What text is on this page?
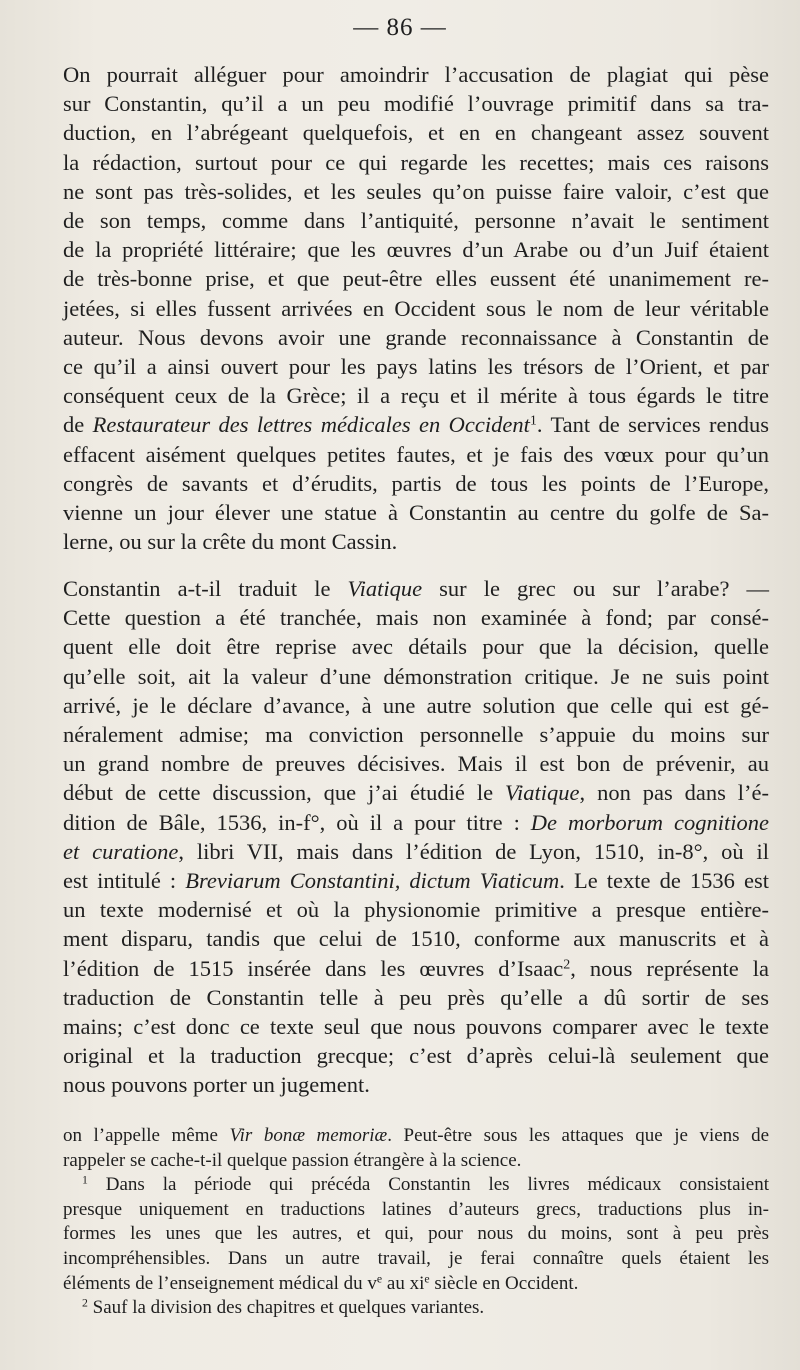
— 86 —

On pourrait alléguer pour amoindrir l’accusation de plagiat qui pèse
sur Constantin, qu’il a un peu modifié l’ouvrage primitif dans sa tra-
duction, en l’abrégeant quelquefois, et en en changeant assez souvent
la rédaction, surtout pour ce qui regarde les recettes; mais ces raisons
ne sont pas très-solides, et les seules qu’on puisse faire valoir, c’est que
de son temps, comme dans l’antiquité, personne n’avait le sentiment
de la propriété littéraire; que les œuvres d’un Arabe ou d’un Juif étaient
de très-bonne prise, et que peut-être elles eussent été unanimement re-
jetées, si elles fussent arrivées en Occident sous le nom de leur véritable
auteur. Nous devons avoir une grande reconnaissance à Constantin de
ce qu’il a ainsi ouvert pour les pays latins les trésors de l’Orient, et par
conséquent ceux de la Grèce; il a reçu et il mérite à tous égards le titre
de Restaurateur des lettres médicales en Occident$^1$. Tant de services rendus
effacent aisément quelques petites fautes, et je fais des vœux pour qu’un
congrès de savants et d’érudits, partis de tous les points de l’Europe,
vienne un jour élever une statue à Constantin au centre du golfe de Sa-
lerne, ou sur la crête du mont Cassin.

Constantin a-t-il traduit le Viatique sur le grec ou sur l’arabe? —
Cette question a été tranchée, mais non examinée à fond; par consé-
quent elle doit être reprise avec détails pour que la décision, quelle
qu’elle soit, ait la valeur d’une démonstration critique. Je ne suis point
arrivé, je le déclare d’avance, à une autre solution que celle qui est gé-
néralement admise; ma conviction personnelle s’appuie du moins sur
un grand nombre de preuves décisives. Mais il est bon de prévenir, au
début de cette discussion, que j’ai étudié le Viatique, non pas dans l’é-
dition de Bâle, 1536, in-f°, où il a pour titre : De morborum cognitione
et curatione, libri VII, mais dans l’édition de Lyon, 1510, in-8°, où il
est intitulé : Breviarum Constantini, dictum Viaticum. Le texte de 1536 est
un texte modernisé et où la physionomie primitive a presque entière-
ment disparu, tandis que celui de 1510, conforme aux manuscrits et à
l’édition de 1515 insérée dans les œuvres d’Isaac$^2$, nous représente la
traduction de Constantin telle à peu près qu’elle a dû sortir de ses
mains; c’est donc ce texte seul que nous pouvons comparer avec le texte
original et la traduction grecque; c’est d’après celui-là seulement que
nous pouvons porter un jugement.

on l’appelle même Vir bonæ memoriæ. Peut-être sous les attaques que je viens de
rappeler se cache-t-il quelque passion étrangère à la science.
 $^1$ Dans la période qui précéda Constantin les livres médicaux consistaient
presque uniquement en traductions latines d’auteurs grecs, traductions plus in-
formes les unes que les autres, et qui, pour nous du moins, sont à peu près
incompréhensibles. Dans un autre travail, je ferai connaître quels étaient les
éléments de l’enseignement médical du $v^e$ au $xi^e$ siècle en Occident.
 $^2$ Sauf la division des chapitres et quelques variantes.
